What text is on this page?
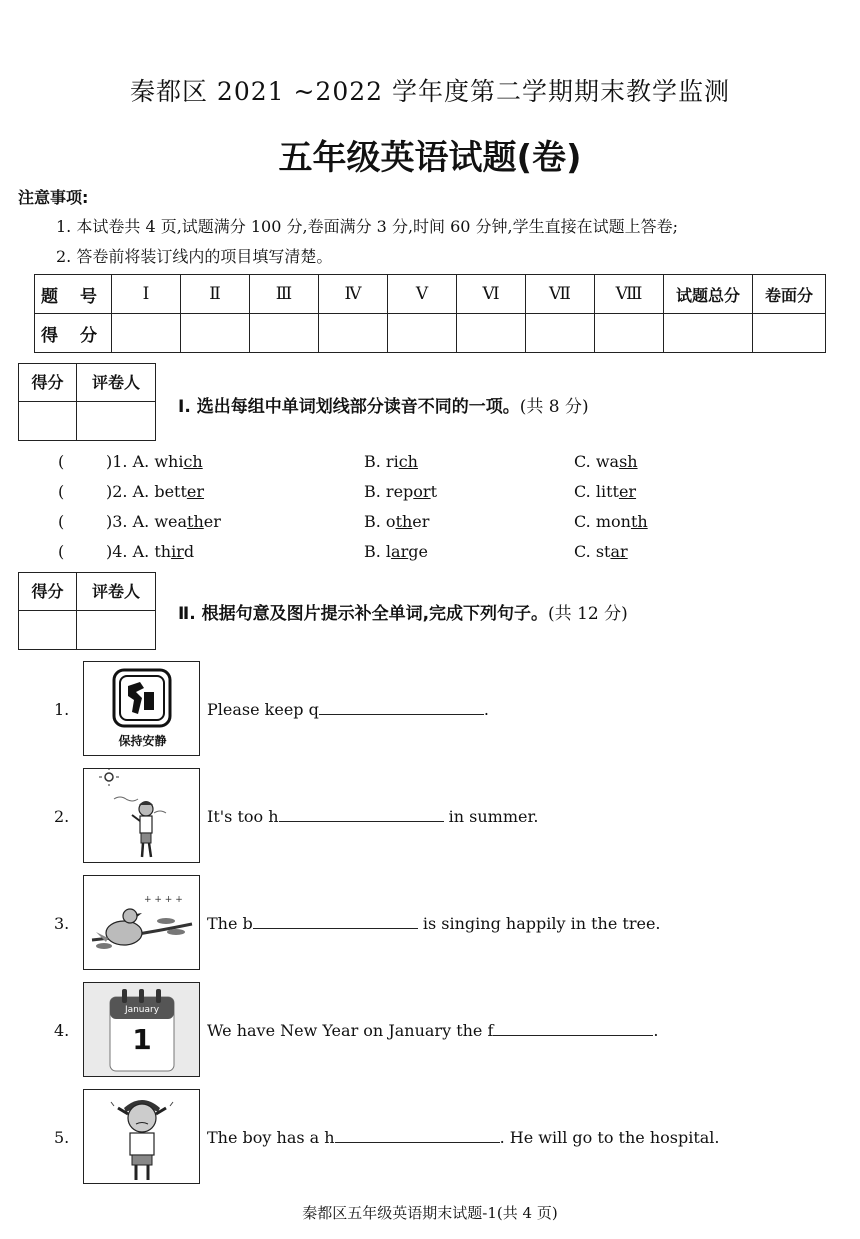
秦都区 2021 ~2022 学年度第二学期期末教学监测
五年级英语试题(卷)
注意事项:
1. 本试卷共 4 页,试题满分 100 分,卷面满分 3 分,时间 60 分钟,学生直接在试题上答卷;
2. 答卷前将装订线内的项目填写清楚。
题 号	Ⅰ	Ⅱ	Ⅲ	Ⅳ	Ⅴ	Ⅵ	Ⅶ	Ⅷ	试题总分	卷面分
得 分										
得分	评卷人
Ⅰ. 选出每组中单词划线部分读音不同的一项。(共 8 分)
(	)1. A. which	B. rich	C. wash
(	)2. A. better	B. report	C. litter
(	)3. A. weather	B. other	C. month
(	)4. A. third	B. large	C. star
得分	评卷人
Ⅱ. 根据句意及图片提示补全单词,完成下列句子。(共 12 分)
保持安静
+ + + +
January
1
1.	Please keep q	.
2.	It's too h	in summer.
3.	The b	is singing happily in the tree.
4.	We have New Year on January the f	.
5.	The boy has a h	. He will go to the hospital.
秦都区五年级英语期末试题-1(共 4 页)
